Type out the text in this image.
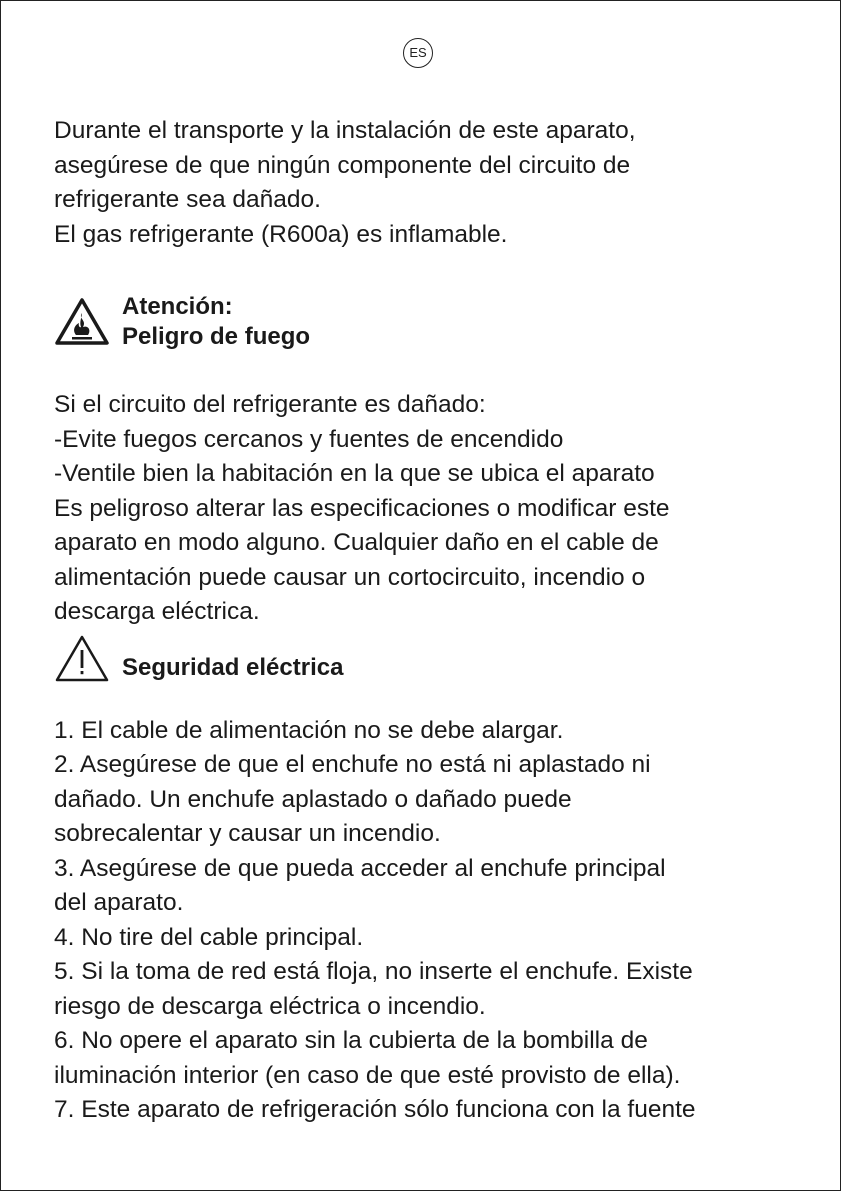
ES

Durante el transporte y la instalación de este aparato,

asegúrese de que ningún componente del circuito de

refrigerante sea dañado.

El gas refrigerante (R600a) es inflamable.

Atención:

Peligro de fuego

Si el circuito del refrigerante es dañado:

-Evite fuegos cercanos y fuentes de encendido

-Ventile bien la habitación en la que se ubica el aparato

Es peligroso alterar las especificaciones o modificar este

aparato en modo alguno. Cualquier daño en el cable de

alimentación puede causar un cortocircuito, incendio o

descarga eléctrica.

Seguridad eléctrica

1. El cable de alimentación no se debe alargar.

2. Asegúrese de que el enchufe no está ni aplastado ni

dañado. Un enchufe aplastado o dañado puede

sobrecalentar y causar un incendio.

3. Asegúrese de que pueda acceder al enchufe principal

del aparato.

4. No tire del cable principal.

5. Si la toma de red está floja, no inserte el enchufe. Existe

riesgo de descarga eléctrica o incendio.

6. No opere el aparato sin la cubierta de la bombilla de

iluminación interior (en caso de que esté provisto de ella).

7. Este aparato de refrigeración sólo funciona con la fuente
